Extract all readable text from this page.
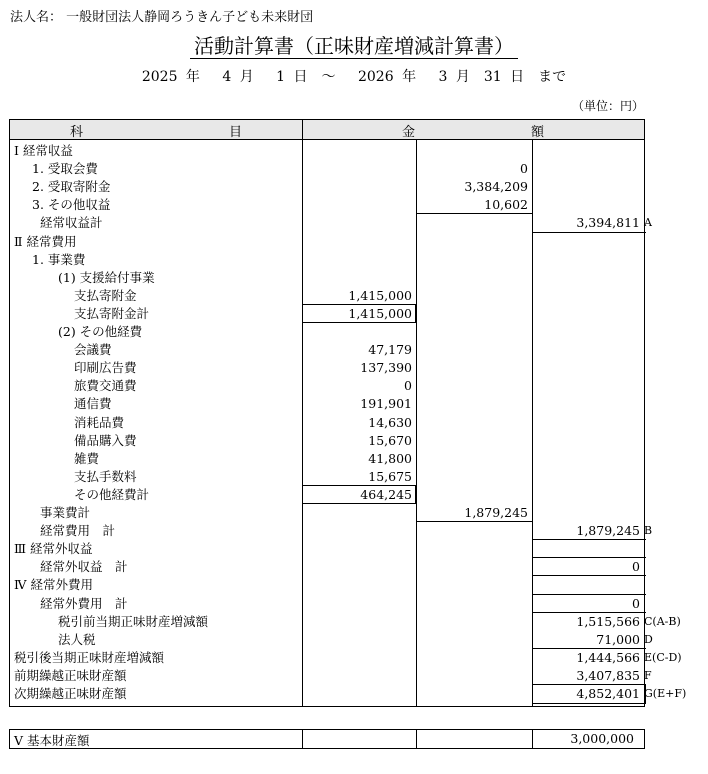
法人名： 一般財団法人静岡ろうきん子ども未来財団
活動計算書（正味財産増減計算書）
2025 年　 4 月　 1 日　～　 2026 年　 3 月　31 日　まで
（単位：円）
科　　目	金　　額
Ⅰ 経常収益
1. 受取会費	0
2. 受取寄附金	3,384,209
3. その他収益	10,602
経常収益計	3,394,811 A
Ⅱ 経常費用
1. 事業費
(1) 支援給付事業
支払寄附金	1,415,000
支払寄附金計	1,415,000
(2) その他経費
会議費	47,179
印刷広告費	137,390
旅費交通費	0
通信費	191,901
消耗品費	14,630
備品購入費	15,670
雑費	41,800
支払手数料	15,675
その他経費計	464,245
事業費計	1,879,245
経常費用　計	1,879,245 B
Ⅲ 経常外収益
経常外収益　計	0
Ⅳ 経常外費用
経常外費用　計	0
税引前当期正味財産増減額	1,515,566 C(A-B)
法人税	71,000 D
税引後当期正味財産増減額	1,444,566 E(C-D)
前期繰越正味財産額	3,407,835 F
次期繰越正味財産額	4,852,401 G(E+F)
Ⅴ 基本財産額	3,000,000
